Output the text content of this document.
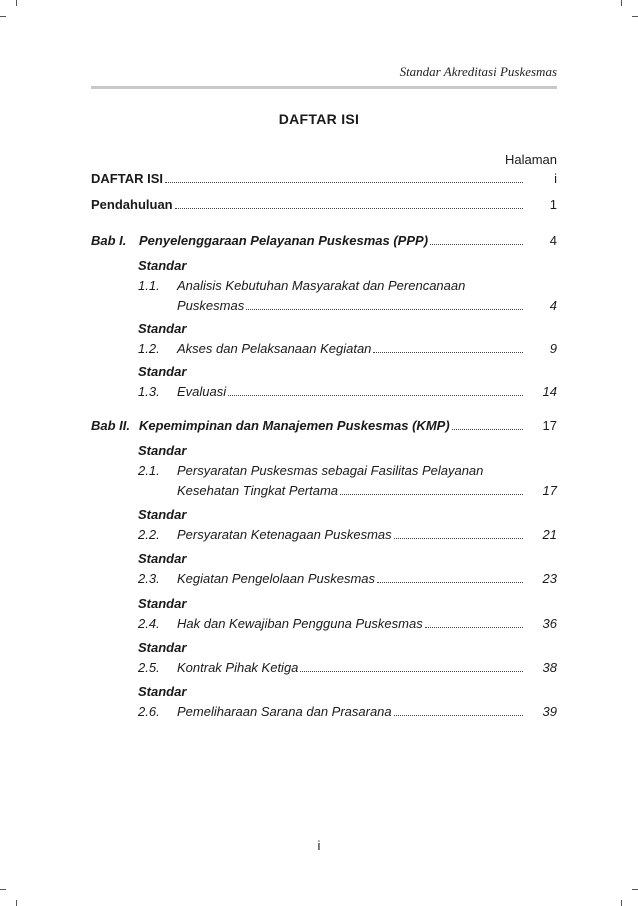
Standar Akreditasi Puskesmas
DAFTAR ISI
Halaman
DAFTAR ISI	i
Pendahuluan	1
Bab I. Penyelenggaraan Pelayanan Puskesmas (PPP)	4
Standar
1.1.	Analisis Kebutuhan Masyarakat dan Perencanaan
Puskesmas	4
Standar
1.2.	Akses dan Pelaksanaan Kegiatan	9
Standar
1.3.	Evaluasi	14
Bab II. Kepemimpinan dan Manajemen Puskesmas (KMP)	17
Standar
2.1.	Persyaratan Puskesmas sebagai Fasilitas Pelayanan
Kesehatan Tingkat Pertama	17
Standar
2.2.	Persyaratan Ketenagaan Puskesmas	21
Standar
2.3.	Kegiatan Pengelolaan Puskesmas	23
Standar
2.4.	Hak dan Kewajiban Pengguna Puskesmas	36
Standar
2.5.	Kontrak Pihak Ketiga	38
Standar
2.6.	Pemeliharaan Sarana dan Prasarana	39
i
